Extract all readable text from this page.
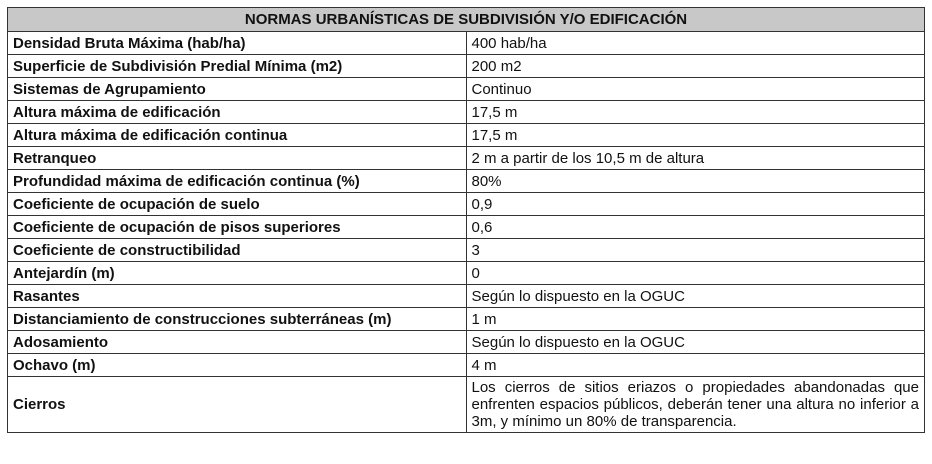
NORMAS URBANÍSTICAS DE SUBDIVISIÓN Y/O EDIFICACIÓN	
Densidad Bruta Máxima (hab/ha)	400 hab/ha
Superficie de Subdivisión Predial Mínima (m2)	200 m2
Sistemas de Agrupamiento	Continuo
Altura máxima de edificación	17,5 m
Altura máxima de edificación continua	17,5 m
Retranqueo	2 m a partir de los 10,5 m de altura
Profundidad máxima de edificación continua (%)	80%
Coeficiente de ocupación de suelo	0,9
Coeficiente de ocupación de pisos superiores	0,6
Coeficiente de constructibilidad	3
Antejardín (m)	0
Rasantes	Según lo dispuesto en la OGUC
Distanciamiento de construcciones subterráneas (m)	1 m
Adosamiento	Según lo dispuesto en la OGUC
Ochavo (m)	4 m
Cierros	Los cierros de sitios eriazos o propiedades abandonadas que enfrenten espacios públicos, deberán tener una altura no inferior a 3m, y mínimo un 80% de transparencia.
